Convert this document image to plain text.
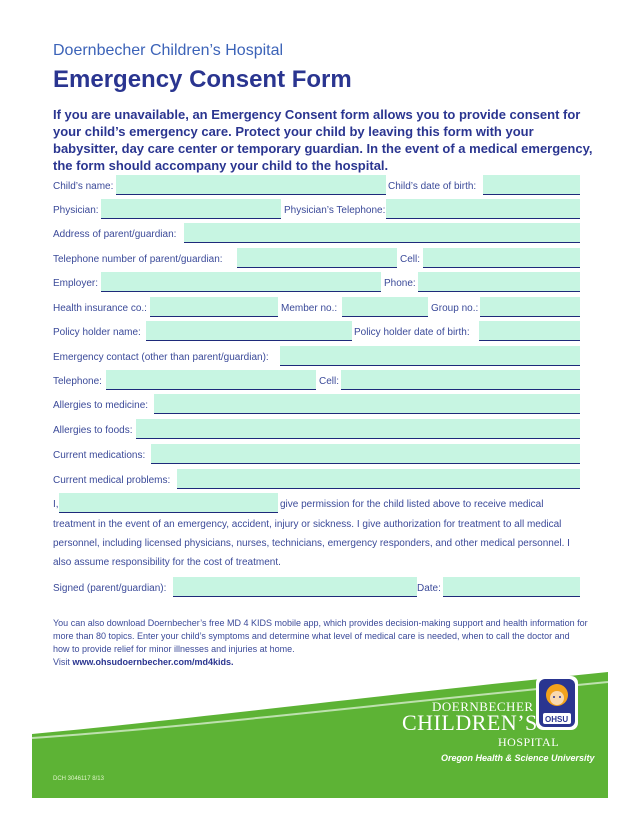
Doernbecher Children’s Hospital
Emergency Consent Form
If you are unavailable, an Emergency Consent form allows you to provide consent for your child’s emergency care. Protect your child by leaving this form with your babysitter, day care center or temporary guardian. In the event of a medical emergency, the form should accompany your child to the hospital.
Child’s name:	Child’s date of birth:
Physician:	Physician’s Telephone:
Address of parent/guardian:
Telephone number of parent/guardian:	Cell:
Employer:	Phone:
Health insurance co.:	Member no.:	Group no.:
Policy holder name:	Policy holder date of birth:
Emergency contact (other than parent/guardian):
Telephone:	Cell:
Allergies to medicine:
Allergies to foods:
Current medications:
Current medical problems:
I,	give permission for the child listed above to receive medical
treatment in the event of an emergency, accident, injury or sickness. I give authorization for treatment to all medical personnel, including licensed physicians, nurses, technicians, emergency responders, and other medical personnel. I also assume responsibility for the cost of treatment.
Signed (parent/guardian):	Date:
You can also download Doernbecher’s free MD 4 KIDS mobile app, which provides decision-making support and health information for more than 80 topics. Enter your child’s symptoms and determine what level of medical care is needed, when to call the doctor and how to provide relief for minor illnesses and injuries at home.
Visit www.ohsudoernbecher.com/md4kids.
OHSU
DOERNBECHER
CHILDREN’S
HOSPITAL
Oregon Health & Science University
DCH 3046117 8/13
